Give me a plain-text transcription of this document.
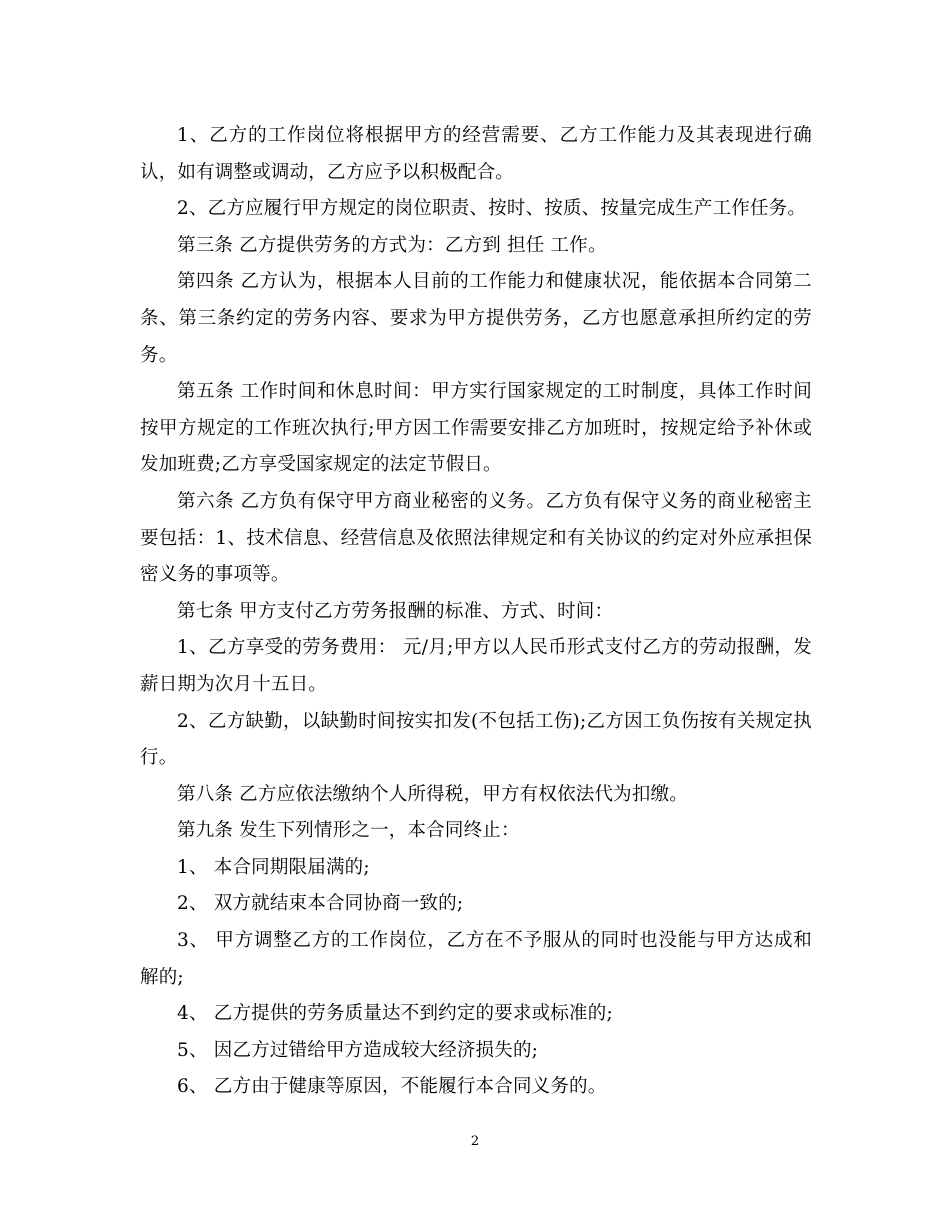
1、乙方的工作岗位将根据甲方的经营需要、乙方工作能力及其表现进行确认，如有调整或调动，乙方应予以积极配合。

2、乙方应履行甲方规定的岗位职责、按时、按质、按量完成生产工作任务。

第三条 乙方提供劳务的方式为：乙方到 担任 工作。

第四条 乙方认为，根据本人目前的工作能力和健康状况，能依据本合同第二条、第三条约定的劳务内容、要求为甲方提供劳务，乙方也愿意承担所约定的劳务。

第五条 工作时间和休息时间：甲方实行国家规定的工时制度，具体工作时间按甲方规定的工作班次执行;甲方因工作需要安排乙方加班时，按规定给予补休或发加班费;乙方享受国家规定的法定节假日。

第六条 乙方负有保守甲方商业秘密的义务。乙方负有保守义务的商业秘密主要包括：1、技术信息、经营信息及依照法律规定和有关协议的约定对外应承担保密义务的事项等。

第七条 甲方支付乙方劳务报酬的标准、方式、时间：

1、乙方享受的劳务费用： 元/月;甲方以人民币形式支付乙方的劳动报酬，发薪日期为次月十五日。

2、乙方缺勤，以缺勤时间按实扣发(不包括工伤);乙方因工负伤按有关规定执行。

第八条 乙方应依法缴纳个人所得税，甲方有权依法代为扣缴。

第九条 发生下列情形之一，本合同终止：

1、 本合同期限届满的;

2、 双方就结束本合同协商一致的;

3、 甲方调整乙方的工作岗位，乙方在不予服从的同时也没能与甲方达成和解的;

4、 乙方提供的劳务质量达不到约定的要求或标准的;

5、 因乙方过错给甲方造成较大经济损失的;

6、 乙方由于健康等原因，不能履行本合同义务的。

2
